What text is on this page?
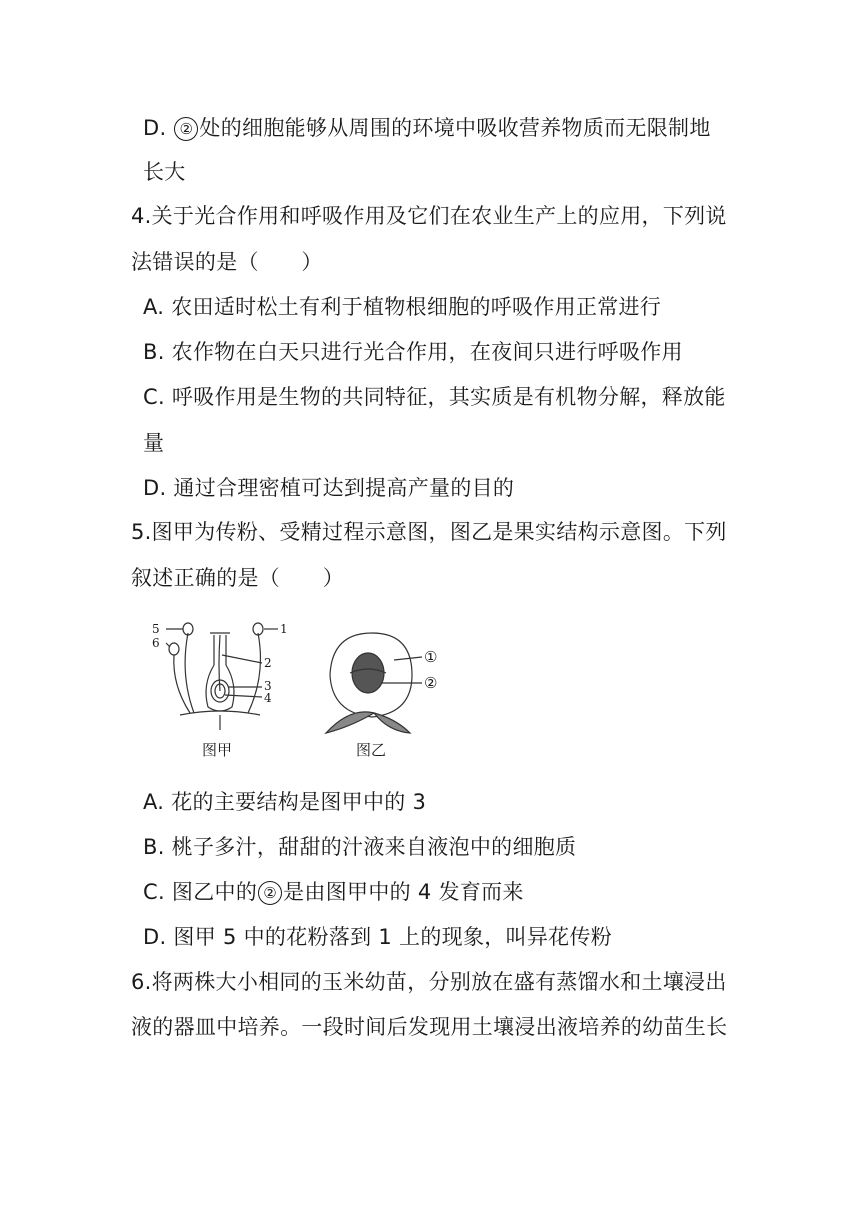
D. ② 处的细胞能够从周围的环境中吸收营养物质而无限制地
长大
4.关于光合作用和呼吸作用及它们在农业生产上的应用，下列说
法错误的是（　　）
A. 农田适时松土有利于植物根细胞的呼吸作用正常进行
B. 农作物在白天只进行光合作用，在夜间只进行呼吸作用
C. 呼吸作用是生物的共同特征，其实质是有机物分解，释放能
量
D. 通过合理密植可达到提高产量的目的
5.图甲为传粉、受精过程示意图，图乙是果实结构示意图。下列
叙述正确的是（　　）
5
6
1
2
3
4
①
②
图甲	图乙
A. 花的主要结构是图甲中的 3
B. 桃子多汁，甜甜的汁液来自液泡中的细胞质
C. 图乙中的 ② 是由图甲中的 4 发育而来
D. 图甲 5 中的花粉落到 1 上的现象，叫异花传粉
6.将两株大小相同的玉米幼苗，分别放在盛有蒸馏水和土壤浸出
液的器皿中培养。一段时间后发现用土壤浸出液培养的幼苗生长
